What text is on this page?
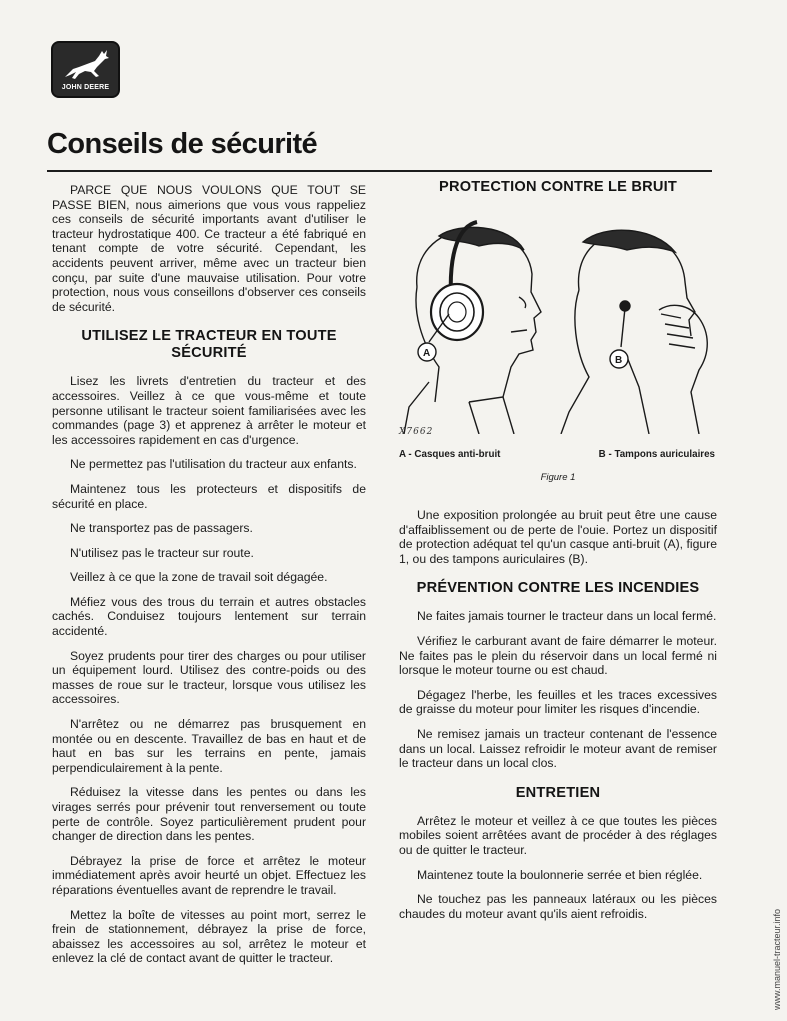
JOHN DEERE
Conseils de sécurité

PARCE QUE NOUS VOULONS QUE TOUT SE PASSE BIEN, nous aimerions que vous vous rappeliez ces conseils de sécurité importants avant d'utiliser le tracteur hydrostatique 400. Ce tracteur a été fabriqué en tenant compte de votre sécurité. Cependant, les accidents peuvent arriver, même avec un tracteur bien conçu, par suite d'une mauvaise utilisation. Pour votre protection, nous vous conseillons d'observer ces conseils de sécurité.

UTILISEZ LE TRACTEUR EN TOUTE SÉCURITÉ

Lisez les livrets d'entretien du tracteur et des accessoires. Veillez à ce que vous-même et toute personne utilisant le tracteur soient familiarisées avec les commandes (page 3) et apprenez à arrêter le moteur et les accessoires rapidement en cas d'urgence.

Ne permettez pas l'utilisation du tracteur aux enfants.

Maintenez tous les protecteurs et dispositifs de sécurité en place.

Ne transportez pas de passagers.

N'utilisez pas le tracteur sur route.

Veillez à ce que la zone de travail soit dégagée.

Méfiez vous des trous du terrain et autres obstacles cachés. Conduisez toujours lentement sur terrain accidenté.

Soyez prudents pour tirer des charges ou pour utiliser un équipement lourd. Utilisez des contre-poids ou des masses de roue sur le tracteur, lorsque vous utilisez les accessoires.

N'arrêtez ou ne démarrez pas brusquement en montée ou en descente. Travaillez de bas en haut et de haut en bas sur les terrains en pente, jamais perpendiculairement à la pente.

Réduisez la vitesse dans les pentes ou dans les virages serrés pour prévenir tout renversement ou toute perte de contrôle. Soyez particulièrement prudent pour changer de direction dans les pentes.

Débrayez la prise de force et arrêtez le moteur immédiatement après avoir heurté un objet. Effectuez les réparations éventuelles avant de reprendre le travail.

Mettez la boîte de vitesses au point mort, serrez le frein de stationnement, débrayez la prise de force, abaissez les accessoires au sol, arrêtez le moteur et enlevez la clé de contact avant de quitter le tracteur.

PROTECTION CONTRE LE BRUIT
A
B
X7662
A - Casques anti-bruit	B - Tampons auriculaires
Figure 1

Une exposition prolongée au bruit peut être une cause d'affaiblissement ou de perte de l'ouie. Portez un dispositif de protection adéquat tel qu'un casque anti-bruit (A), figure 1, ou des tampons auriculaires (B).

PRÉVENTION CONTRE LES INCENDIES

Ne faites jamais tourner le tracteur dans un local fermé.

Vérifiez le carburant avant de faire démarrer le moteur. Ne faites pas le plein du réservoir dans un local fermé ni lorsque le moteur tourne ou est chaud.

Dégagez l'herbe, les feuilles et les traces excessives de graisse du moteur pour limiter les risques d'incendie.

Ne remisez jamais un tracteur contenant de l'essence dans un local. Laissez refroidir le moteur avant de remiser le tracteur dans un local clos.

ENTRETIEN

Arrêtez le moteur et veillez à ce que toutes les pièces mobiles soient arrêtées avant de procéder à des réglages ou de quitter le tracteur.

Maintenez toute la boulonnerie serrée et bien réglée.

Ne touchez pas les panneaux latéraux ou les pièces chaudes du moteur avant qu'ils aient refroidis.	www.manuel-tracteur.info
